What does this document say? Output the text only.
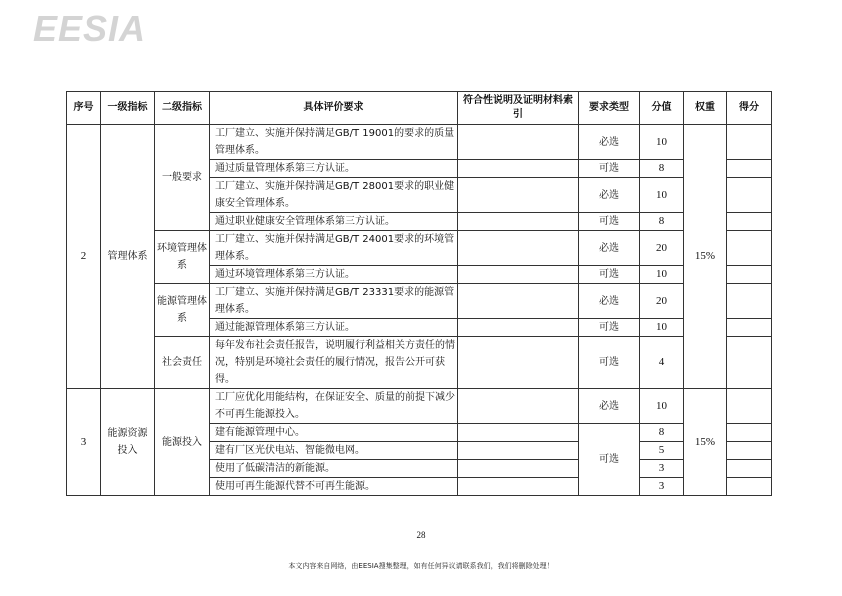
EESIA
序号	一级指标	二级指标	具体评价要求	符合性说明及证明材料索引	要求类型	分值	权重	得分
2	管理体系	一般要求	工厂建立、实施并保持满足GB/T 19001的要求的质量管理体系。		必选	10	15%	
			通过质量管理体系第三方认证。		可选	8		
			工厂建立、实施并保持满足GB/T 28001要求的职业健康安全管理体系。		必选	10		
			通过职业健康安全管理体系第三方认证。		可选	8		
		环境管理体系	工厂建立、实施并保持满足GB/T 24001要求的环境管理体系。		必选	20		
			通过环境管理体系第三方认证。		可选	10		
		能源管理体系	工厂建立、实施并保持满足GB/T 23331要求的能源管理体系。		必选	20		
			通过能源管理体系第三方认证。		可选	10		
		社会责任	每年发布社会责任报告，说明履行利益相关方责任的情况，特别是环境社会责任的履行情况，报告公开可获得。		可选	4		
3	能源资源投入	能源投入	工厂应优化用能结构，在保证安全、质量的前提下减少不可再生能源投入。		必选	10	15%	
			建有能源管理中心。		可选	8		
			建有厂区光伏电站、智能微电网。			5		
			使用了低碳清洁的新能源。			3		
			使用可再生能源代替不可再生能源。			3		
28
本文内容来自网络，由EESIA搜集整理，如有任何异议请联系我们，我们将删除处理！
